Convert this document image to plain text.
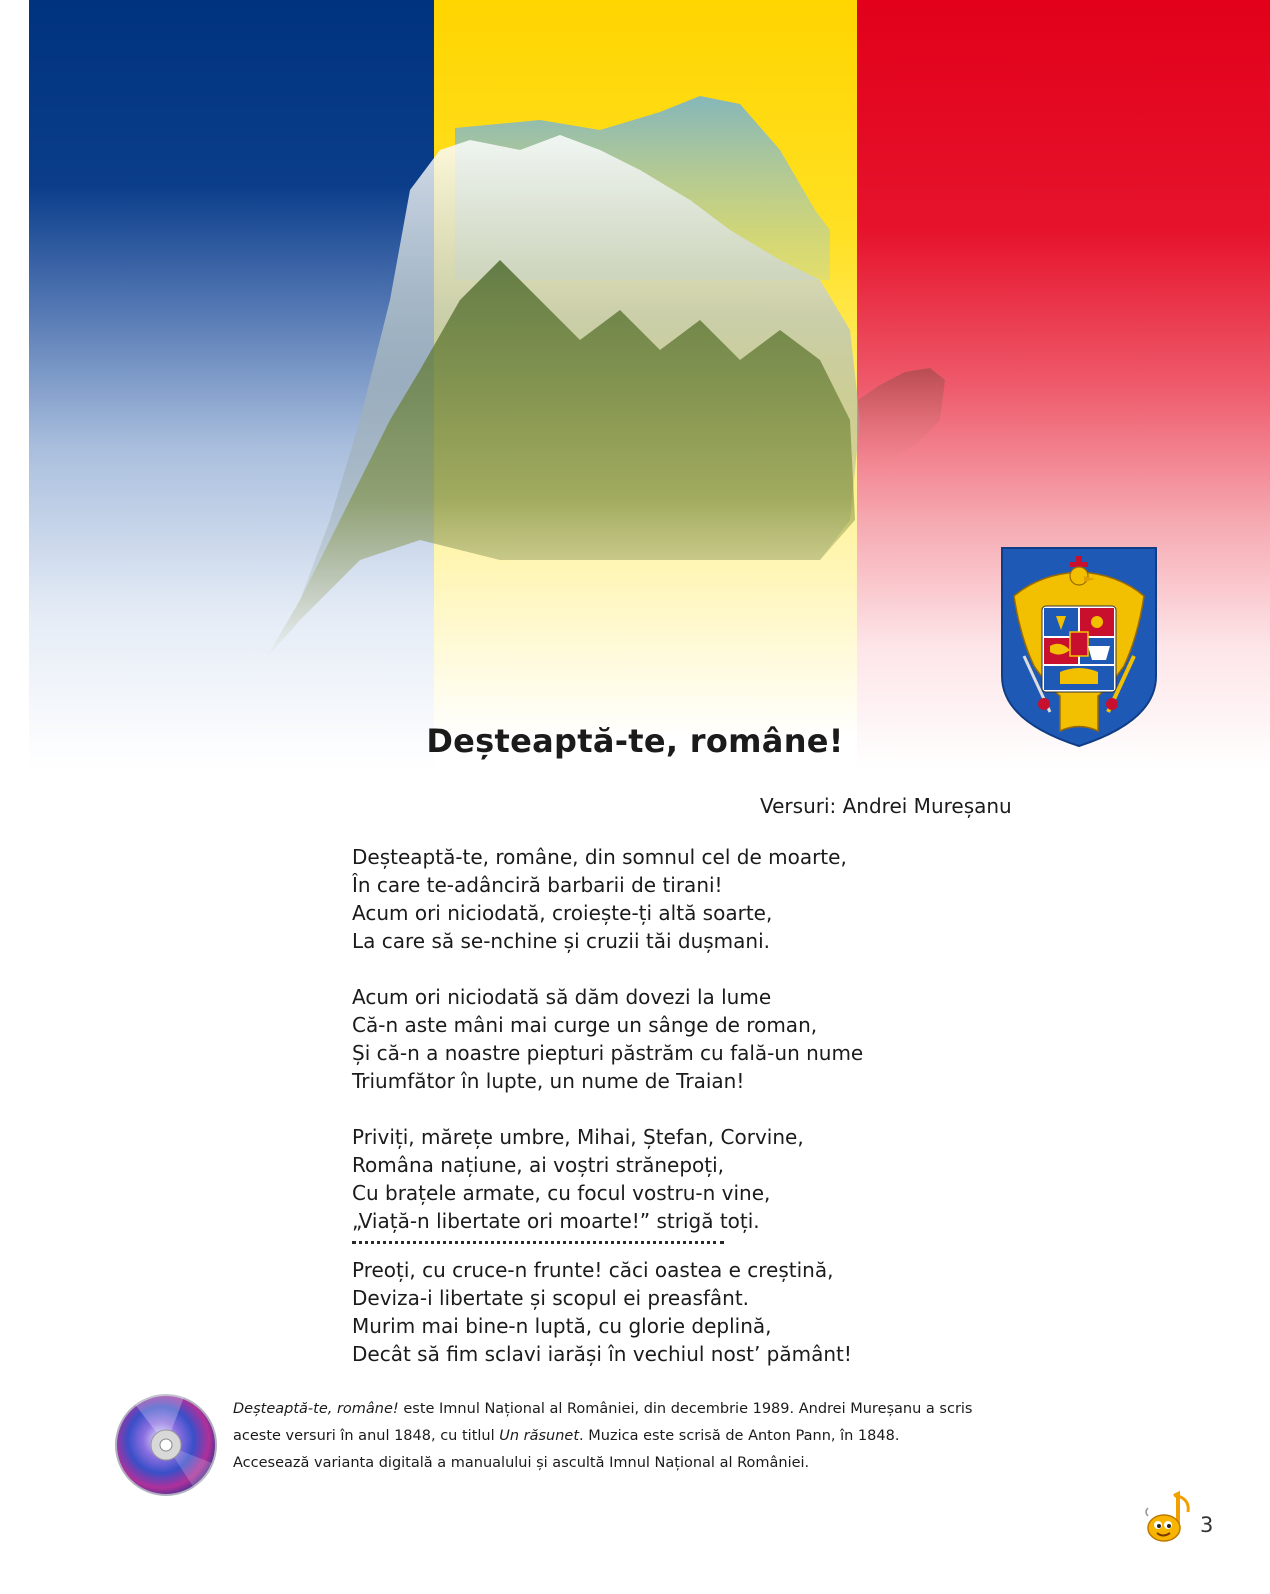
Deșteaptă-te, române!
Versuri: Andrei Mureșanu
Deșteaptă-te, române, din somnul cel de moarte,
În care te-adânciră barbarii de tirani!
Acum ori niciodată, croiește-ți altă soarte,
La care să se-nchine și cruzii tăi dușmani.
Acum ori niciodată să dăm dovezi la lume
Că-n aste mâni mai curge un sânge de roman,
Și că-n a noastre piepturi păstrăm cu fală-un nume
Triumfător în lupte, un nume de Traian!
Priviți, mărețe umbre, Mihai, Ștefan, Corvine,
Româna națiune, ai voștri strănepoți,
Cu brațele armate, cu focul vostru-n vine,
„Viață-n libertate ori moarte!” strigă toți.
Preoți, cu cruce-n frunte! căci oastea e creștină,
Deviza-i libertate și scopul ei preasfânt.
Murim mai bine-n luptă, cu glorie deplină,
Decât să fim sclavi iarăși în vechiul nost’ pământ!
Deșteaptă-te, române! este Imnul Național al României, din decembrie 1989. Andrei Mureșanu a scris
aceste versuri în anul 1848, cu titlul Un răsunet. Muzica este scrisă de Anton Pann, în 1848.
Accesează varianta digitală a manualului și ascultă Imnul Național al României.
3
